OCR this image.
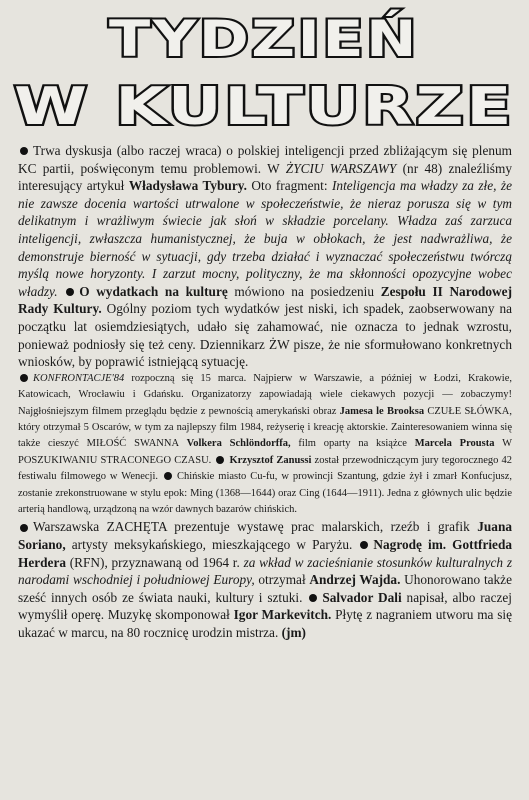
TYDZIEŃ
W KULTURZE

Trwa dyskusja (albo raczej wraca) o polskiej inteligencji przed zbliżającym się plenum KC partii, poświęconym temu problemowi. W ŻYCIU WARSZAWY (nr 48) znaleźliśmy interesujący artykuł Władysława Tybury. Oto fragment: Inteligencja ma władzy za złe, że nie zawsze docenia wartości utrwalone w społeczeństwie, że nieraz porusza się w tym delikatnym i wrażliwym świecie jak słoń w składzie porcelany. Władza zaś zarzuca inteligencji, zwłaszcza humanistycznej, że buja w obłokach, że jest nadwrażliwa, że demonstruje bierność w sytuacji, gdy trzeba działać i wyznaczać społeczeństwu twórczą myślą nowe horyzonty. I zarzut mocny, polityczny, że ma skłonności opozycyjne wobec władzy. O wydatkach na kulturę mówiono na posiedzeniu Zespołu II Narodowej Rady Kultury. Ogólny poziom tych wydatków jest niski, ich spadek, zaobserwowany na początku lat osiemdziesiątych, udało się zahamować, nie oznacza to jednak wzrostu, ponieważ podniosły się też ceny. Dziennikarz ŻW pisze, że nie sformułowano konkretnych wniosków, by poprawić istniejącą sytuację.

KONFRONTACJE'84 rozpoczną się 15 marca. Najpierw w Warszawie, a później w Łodzi, Krakowie, Katowicach, Wrocławiu i Gdańsku. Organizatorzy zapowiadają wiele ciekawych pozycji — zobaczymy! Najgłośniejszym filmem przeglądu będzie z pewnością amerykański obraz Jamesa le Brooksa CZUŁE SŁÓWKA, który otrzymał 5 Oscarów, w tym za najlepszy film 1984, reżyserię i kreację aktorskie. Zainteresowaniem winna się także cieszyć MIŁOŚĆ SWANNA Volkera Schlöndorffa, film oparty na książce Marcela Prousta W POSZUKIWANIU STRACONEGO CZASU. Krzysztof Zanussi został przewodniczącym jury tegorocznego 42 festiwalu filmowego w Wenecji. Chińskie miasto Cu-fu, w prowincji Szantung, gdzie żył i zmarł Konfucjusz, zostanie zrekonstruowane w stylu epok: Ming (1368—1644) oraz Cing (1644—1911). Jedna z głównych ulic będzie arterią handlową, urządzoną na wzór dawnych bazarów chińskich.

Warszawska ZACHĘTA prezentuje wystawę prac malarskich, rzeźb i grafik Juana Soriano, artysty meksykańskiego, mieszkającego w Paryżu. Nagrodę im. Gottfrieda Herdera (RFN), przyznawaną od 1964 r. za wkład w zacieśnianie stosunków kulturalnych z narodami wschodniej i południowej Europy, otrzymał Andrzej Wajda. Uhonorowano także sześć innych osób ze świata nauki, kultury i sztuki. Salvador Dali napisał, albo raczej wymyślił operę. Muzykę skomponował Igor Markevitch. Płytę z nagraniem utworu ma się ukazać w marcu, na 80 rocznicę urodzin mistrza. (jm)
